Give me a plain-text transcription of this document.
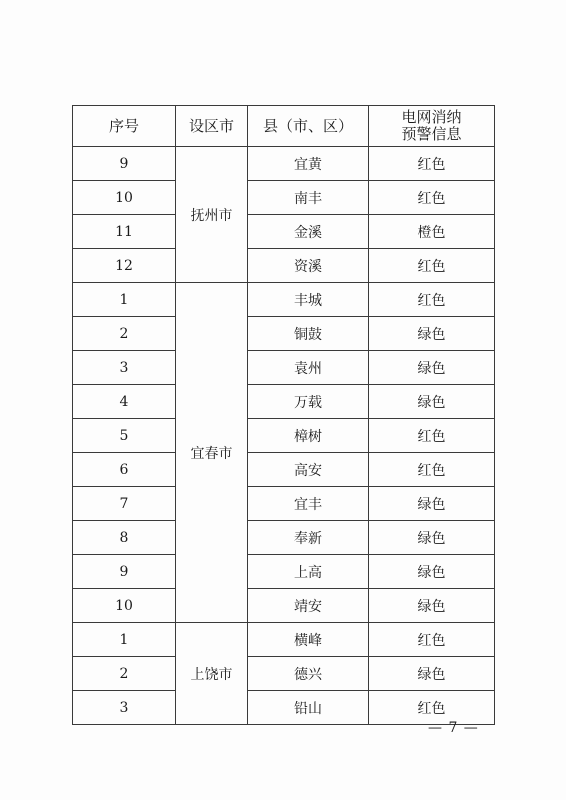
序号	设区市	县（市、区）	电网消纳
预警信息

9	抚州市	宜黄	红色
10		南丰	红色
11		金溪	橙色
12		资溪	红色
1	宜春市	丰城	红色
2		铜鼓	绿色
3		袁州	绿色
4		万载	绿色
5		樟树	红色
6		高安	红色
7		宜丰	绿色
8		奉新	绿色
9		上高	绿色
10		靖安	绿色
1	上饶市	横峰	红色
2		德兴	绿色
3		铅山	红色
— 7 —
